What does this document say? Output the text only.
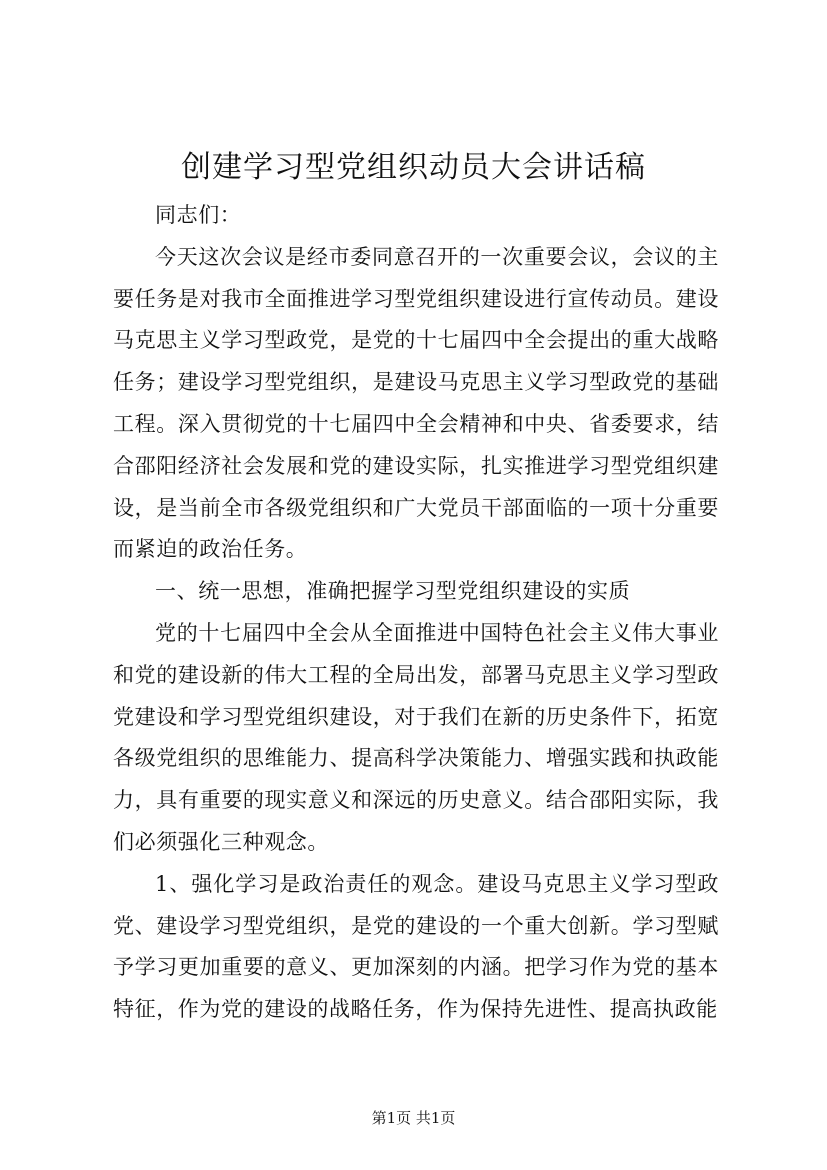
创建学习型党组织动员大会讲话稿

同志们：

今天这次会议是经市委同意召开的一次重要会议，会议的主要任务是对我市全面推进学习型党组织建设进行宣传动员。建设马克思主义学习型政党，是党的十七届四中全会提出的重大战略任务；建设学习型党组织，是建设马克思主义学习型政党的基础工程。深入贯彻党的十七届四中全会精神和中央、省委要求，结合邵阳经济社会发展和党的建设实际，扎实推进学习型党组织建设，是当前全市各级党组织和广大党员干部面临的一项十分重要而紧迫的政治任务。

一、统一思想，准确把握学习型党组织建设的实质

党的十七届四中全会从全面推进中国特色社会主义伟大事业和党的建设新的伟大工程的全局出发，部署马克思主义学习型政党建设和学习型党组织建设，对于我们在新的历史条件下，拓宽各级党组织的思维能力、提高科学决策能力、增强实践和执政能力，具有重要的现实意义和深远的历史意义。结合邵阳实际，我们必须强化三种观念。

1、强化学习是政治责任的观念。建设马克思主义学习型政党、建设学习型党组织，是党的建设的一个重大创新。学习型赋予学习更加重要的意义、更加深刻的内涵。把学习作为党的基本特征，作为党的建设的战略任务，作为保持先进性、提高执政能

第1页 共1页
